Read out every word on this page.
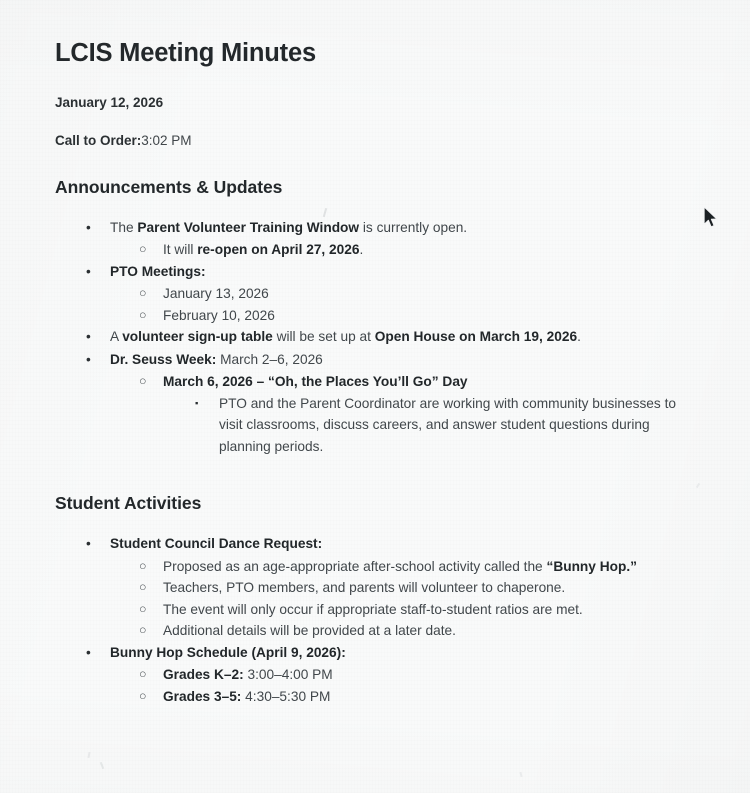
LCIS Meeting Minutes

January 12, 2026

Call to Order:3:02 PM

Announcements & Updates
• The Parent Volunteer Training Window is currently open.
○ It will re-open on April 27, 2026.
• PTO Meetings:
○ January 13, 2026
○ February 10, 2026
• A volunteer sign-up table will be set up at Open House on March 19, 2026.
• Dr. Seuss Week: March 2–6, 2026
○ March 6, 2026 – “Oh, the Places You’ll Go” Day
▪ PTO and the Parent Coordinator are working with community businesses to visit classrooms, discuss careers, and answer student questions during planning periods.
Student Activities
• Student Council Dance Request:
○ Proposed as an age-appropriate after-school activity called the “Bunny Hop.”
○ Teachers, PTO members, and parents will volunteer to chaperone.
○ The event will only occur if appropriate staff-to-student ratios are met.
○ Additional details will be provided at a later date.
• Bunny Hop Schedule (April 9, 2026):
○ Grades K–2: 3:00–4:00 PM
○ Grades 3–5: 4:30–5:30 PM
